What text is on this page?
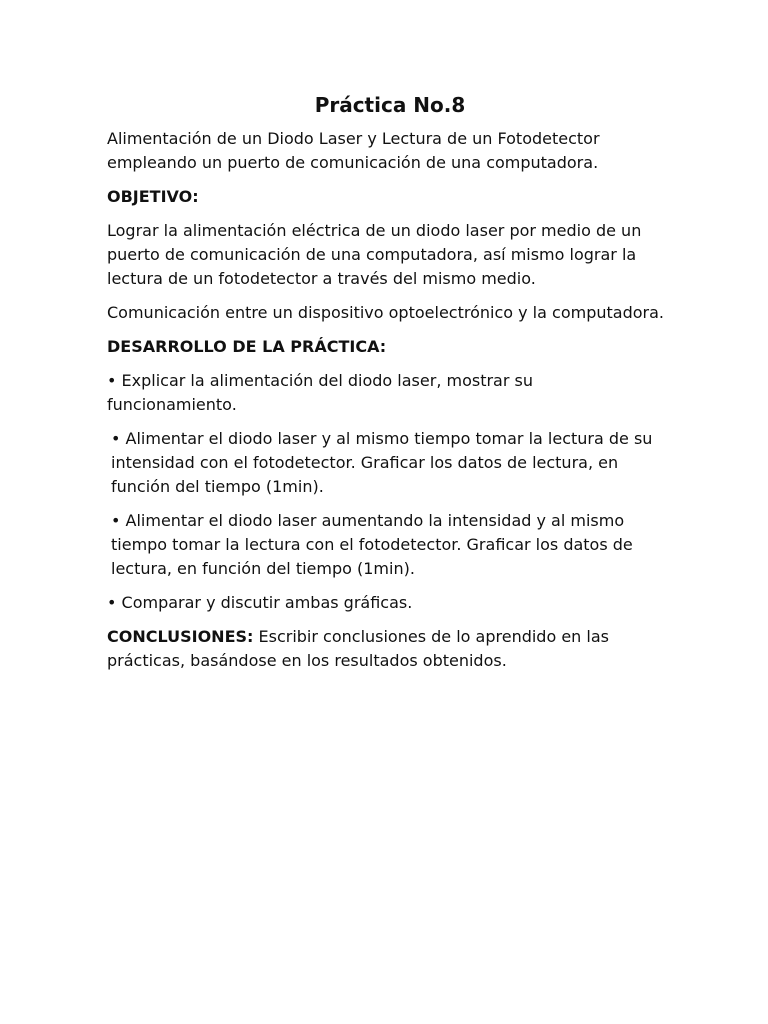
Práctica No.8

Alimentación de un Diodo Laser y Lectura de un Fotodetector empleando un puerto de comunicación de una computadora.

OBJETIVO:

Lograr la alimentación eléctrica de un diodo laser por medio de un puerto de comunicación de una computadora, así mismo lograr la lectura de un fotodetector a través del mismo medio.

Comunicación entre un dispositivo optoelectrónico y la computadora.

DESARROLLO DE LA PRÁCTICA:

• Explicar la alimentación del diodo laser, mostrar su funcionamiento.

• Alimentar el diodo laser y al mismo tiempo tomar la lectura de su intensidad con el fotodetector. Graficar los datos de lectura, en función del tiempo (1min).

• Alimentar el diodo laser aumentando la intensidad y al mismo tiempo tomar la lectura con el fotodetector. Graficar los datos de lectura, en función del tiempo (1min).

• Comparar y discutir ambas gráficas.

CONCLUSIONES: Escribir conclusiones de lo aprendido en las prácticas, basándose en los resultados obtenidos.
